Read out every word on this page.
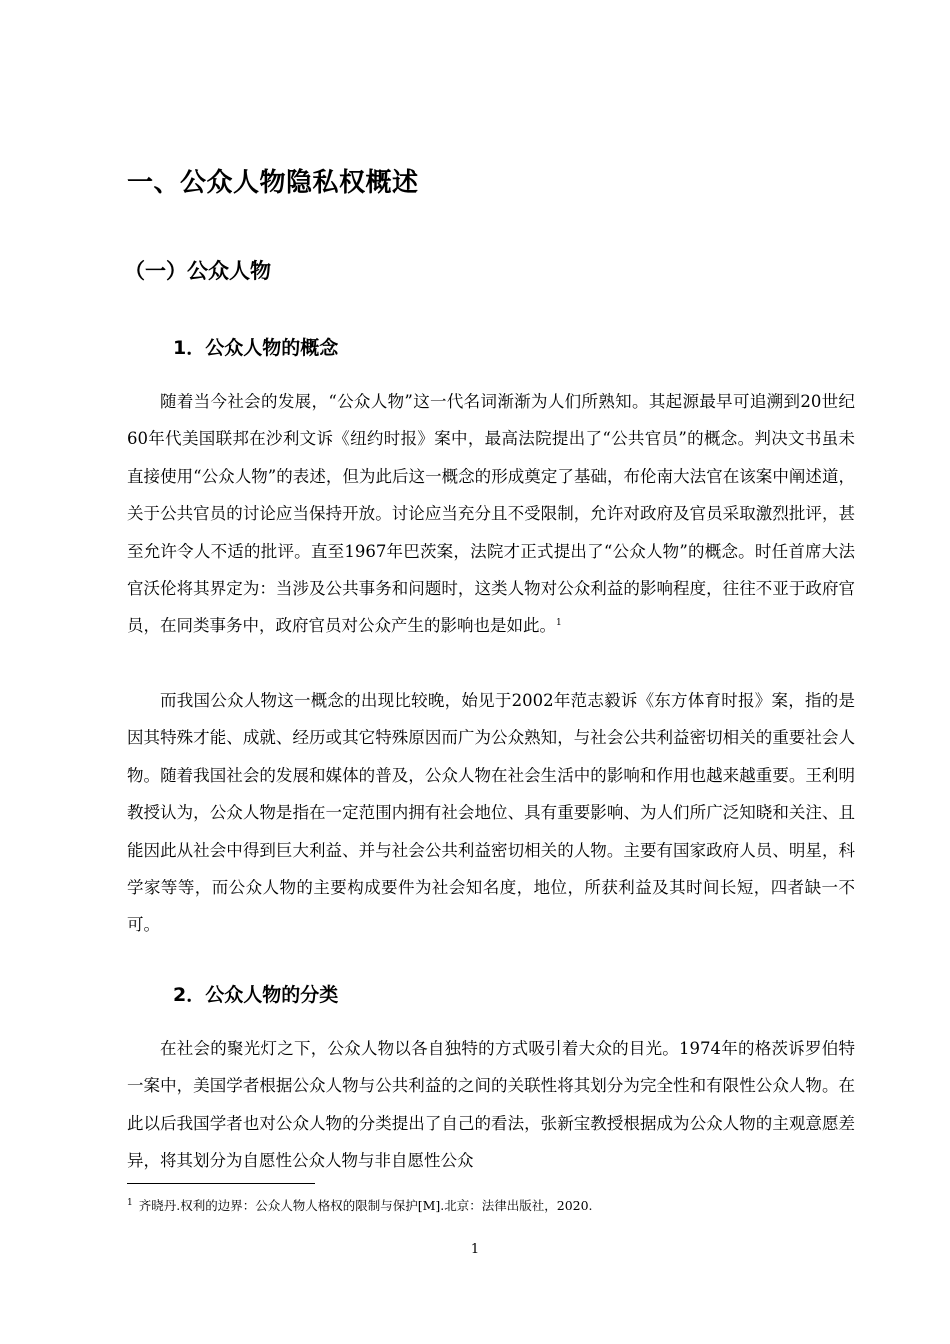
一、公众人物隐私权概述
（一）公众人物
1．公众人物的概念
随着当今社会的发展，“公众人物”这一代名词渐渐为人们所熟知。其起源最早可追溯到20世纪60年代美国联邦在沙利文诉《纽约时报》案中，最高法院提出了“公共官员”的概念。判决文书虽未直接使用“公众人物”的表述，但为此后这一概念的形成奠定了基础，布伦南大法官在该案中阐述道，关于公共官员的讨论应当保持开放。讨论应当充分且不受限制，允许对政府及官员采取激烈批评，甚至允许令人不适的批评。直至1967年巴茨案，法院才正式提出了“公众人物”的概念。时任首席大法官沃伦将其界定为：当涉及公共事务和问题时，这类人物对公众利益的影响程度，往往不亚于政府官员，在同类事务中，政府官员对公众产生的影响也是如此。$^1$
而我国公众人物这一概念的出现比较晚，始见于2002年范志毅诉《东方体育时报》案，指的是因其特殊才能、成就、经历或其它特殊原因而广为公众熟知，与社会公共利益密切相关的重要社会人物。随着我国社会的发展和媒体的普及，公众人物在社会生活中的影响和作用也越来越重要。王利明教授认为，公众人物是指在一定范围内拥有社会地位、具有重要影响、为人们所广泛知晓和关注、且能因此从社会中得到巨大利益、并与社会公共利益密切相关的人物。主要有国家政府人员、明星，科学家等等，而公众人物的主要构成要件为社会知名度，地位，所获利益及其时间长短，四者缺一不可。
2．公众人物的分类
在社会的聚光灯之下，公众人物以各自独特的方式吸引着大众的目光。1974年的格茨诉罗伯特一案中，美国学者根据公众人物与公共利益的之间的关联性将其划分为完全性和有限性公众人物。在此以后我国学者也对公众人物的分类提出了自己的看法，张新宝教授根据成为公众人物的主观意愿差异，将其划分为自愿性公众人物与非自愿性公众
$^1$ 齐晓丹.权利的边界：公众人物人格权的限制与保护[M].北京：法律出版社，2020.
1
